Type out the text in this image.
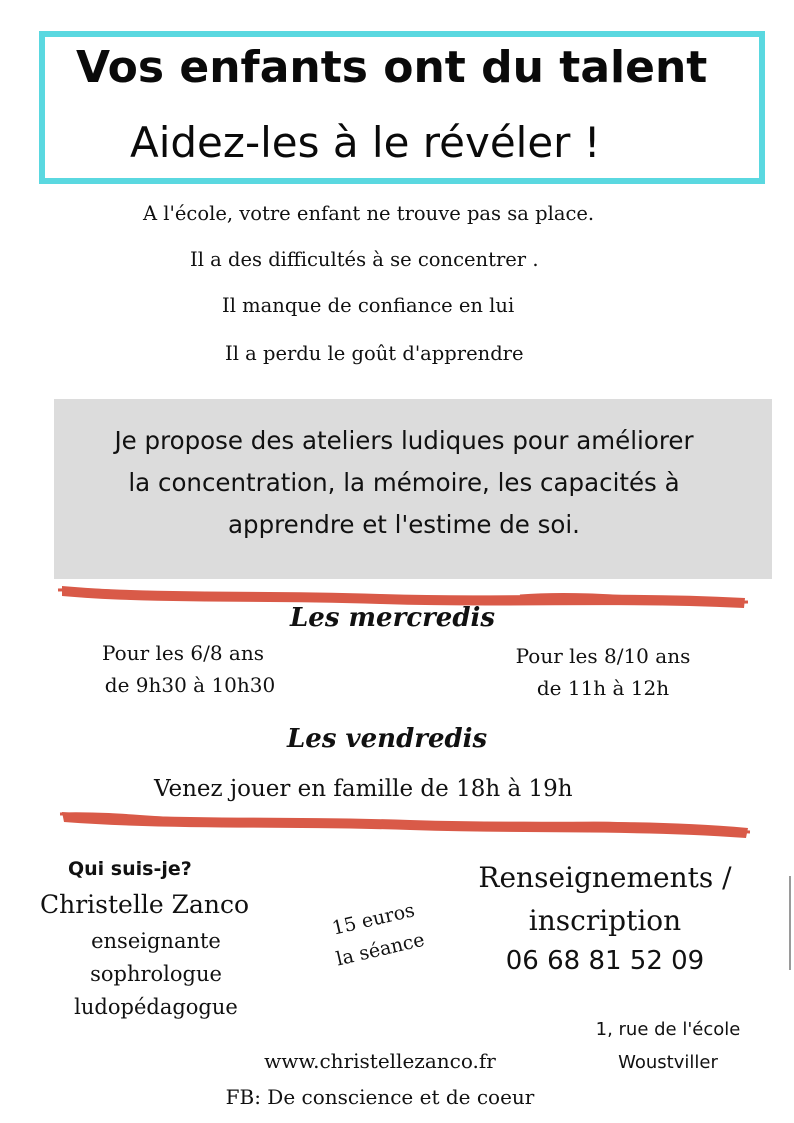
Vos enfants ont du talent
Aidez-les à le révéler !
A l'école, votre enfant ne trouve pas sa place.
Il a des difficultés à se concentrer .
Il manque de confiance en lui
Il a perdu le goût d'apprendre
Je propose des ateliers ludiques pour améliorer
la concentration, la mémoire, les capacités à
apprendre et l'estime de soi.
Les mercredis
Pour les 6/8 ans
de 9h30 à 10h30
Pour les 8/10 ans
de 11h à 12h
Les vendredis
Venez jouer en famille de 18h à 19h
Qui suis-je?
Christelle Zanco
enseignante
sophrologue
ludopédagogue
15 euros
la séance
Renseignements /
inscription
06 68 81 52 09
1, rue de l'école
Woustviller
www.christellezanco.fr
FB: De conscience et de coeur
